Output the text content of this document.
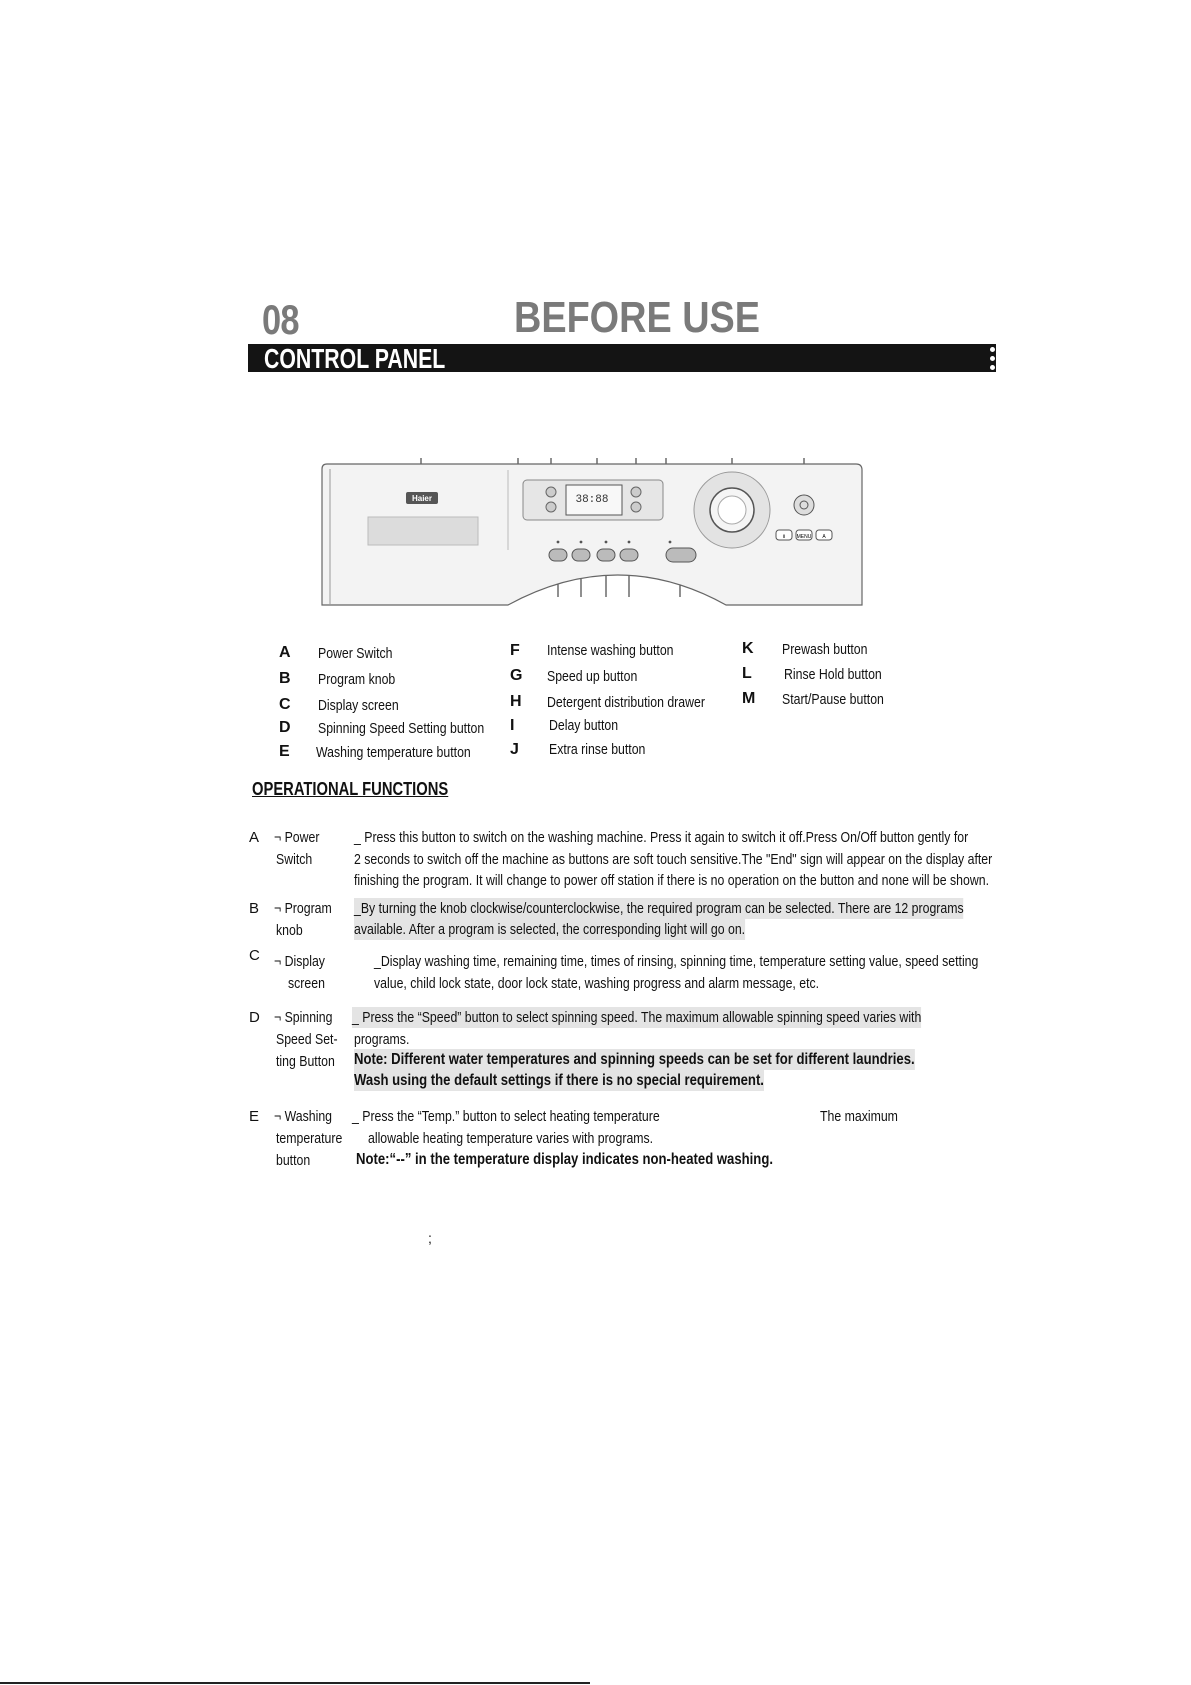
08	BEFORE USE
CONTROL PANEL
Haier	38:88
Ⅱ MENU A
A Power Switch
B Program knob
C Display screen
D Spinning Speed Setting button
E Washing temperature button
F Intense washing button
G Speed up button
H Detergent distribution drawer
I Delay button
J Extra rinse button
K Prewash button
L Rinse Hold button
M Start/Pause button
OPERATIONAL FUNCTIONS
A ¬ Power
Switch
_ Press this button to switch on the washing machine. Press it again to switch it off.Press On/Off button gently for
2 seconds to switch off the machine as buttons are soft touch sensitive.The "End" sign will appear on the display after
finishing the program. It will change to power off station if there is no operation on the button and none will be shown.
B ¬ Program
knob
_By turning the knob clockwise/counterclockwise, the required program can be selected. There are 12 programs
available. After a program is selected, the corresponding light will go on.
C ¬ Display
screen
_Display washing time, remaining time, times of rinsing, spinning time, temperature setting value, speed setting
value, child lock state, door lock state, washing progress and alarm message, etc.
D ¬ Spinning
Speed Set-
ting Button
_ Press the “Speed” button to select spinning speed. The maximum allowable spinning speed varies with
programs.
Note: Different water temperatures and spinning speeds can be set for different laundries.
Wash using the default settings if there is no special requirement.
E ¬ Washing
temperature
button
_ Press the “Temp.” button to select heating temperature	The maximum
allowable heating temperature varies with programs.
Note:“--” in the temperature display indicates non-heated washing.
;
